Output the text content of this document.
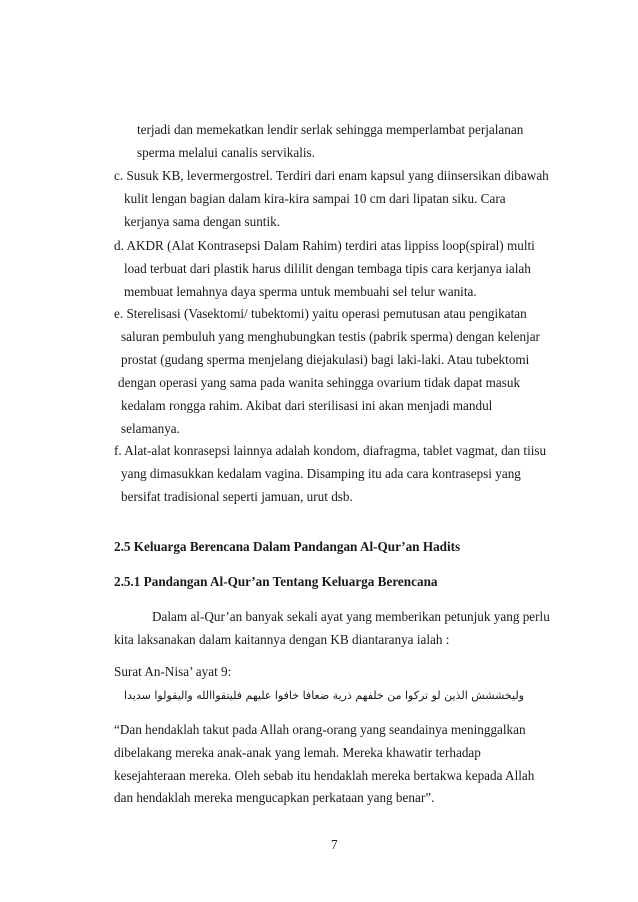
terjadi dan memekatkan lendir serlak sehingga memperlambat perjalanan
sperma melalui canalis servikalis.
c. Susuk KB, levermergostrel. Terdiri dari enam kapsul yang diinsersikan dibawah
kulit lengan bagian dalam kira-kira sampai 10 cm dari lipatan siku. Cara
kerjanya sama dengan suntik.
d. AKDR (Alat Kontrasepsi Dalam Rahim) terdiri atas lippiss loop(spiral) multi
load terbuat dari plastik harus dililit dengan tembaga tipis cara kerjanya ialah
membuat lemahnya daya sperma untuk membuahi sel telur wanita.
e. Sterelisasi (Vasektomi/ tubektomi) yaitu operasi pemutusan atau pengikatan
saluran pembuluh yang menghubungkan testis (pabrik sperma) dengan kelenjar
prostat (gudang sperma menjelang diejakulasi) bagi laki-laki. Atau tubektomi
dengan operasi yang sama pada wanita sehingga ovarium tidak dapat masuk
kedalam rongga rahim. Akibat dari sterilisasi ini akan menjadi mandul
selamanya.
f. Alat-alat konrasepsi lainnya adalah kondom, diafragma, tablet vagmat, dan tiisu
yang dimasukkan kedalam vagina. Disamping itu ada cara kontrasepsi yang
bersifat tradisional seperti jamuan, urut dsb.
2.5 Keluarga Berencana Dalam Pandangan Al-Qur’an Hadits
2.5.1 Pandangan Al-Qur’an Tentang Keluarga Berencana
Dalam al-Qur’an banyak sekali ayat yang memberikan petunjuk yang perlu
kita laksanakan dalam kaitannya dengan KB diantaranya ialah :
Surat An-Nisa’ ayat 9:
وليخششش الذين لو تركوا من خلفهم ذرية ضعافا خافوا عليهم فليتقواالله واليقولوا سديدا
“Dan hendaklah takut pada Allah orang-orang yang seandainya meninggalkan
dibelakang mereka anak-anak yang lemah. Mereka khawatir terhadap
kesejahteraan mereka. Oleh sebab itu hendaklah mereka bertakwa kepada Allah
dan hendaklah mereka mengucapkan perkataan yang benar”.
7
